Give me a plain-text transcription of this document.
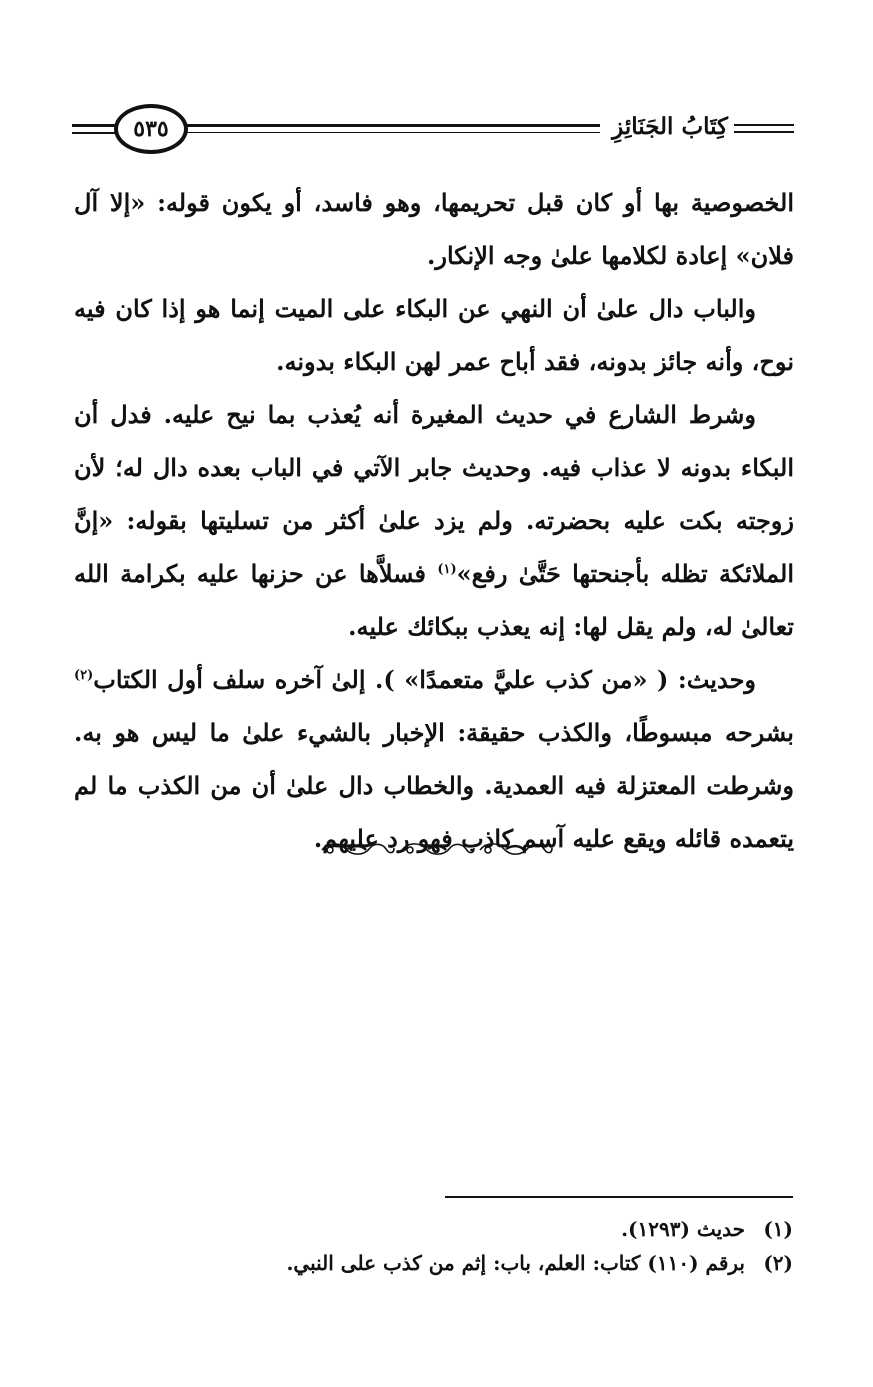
كِتَابُ الجَنَائِزِ
٥٣٥

الخصوصية بها أو كان قبل تحريمها، وهو فاسد، أو يكون قوله: «إلا آل فلان» إعادة لكلامها علىٰ وجه الإنكار.

والباب دال علىٰ أن النهي عن البكاء على الميت إنما هو إذا كان فيه نوح، وأنه جائز بدونه، فقد أباح عمر لهن البكاء بدونه.

وشرط الشارع في حديث المغيرة أنه يُعذب بما نيح عليه. فدل أن البكاء بدونه لا عذاب فيه. وحديث جابر الآتي في الباب بعده دال له؛ لأن زوجته بكت عليه بحضرته. ولم يزد علىٰ أكثر من تسليتها بقوله: «إنَّ الملائكة تظله بأجنحتها حَتَّىٰ رفع»$^{(١)}$ فسلاَّها عن حزنها عليه بكرامة الله تعالىٰ له، ولم يقل لها: إنه يعذب ببكائك عليه.

وحديث: ( «من كذب عليَّ متعمدًا» ). إلىٰ آخره سلف أول الكتاب$^{(٢)}$ بشرحه مبسوطًا، والكذب حقيقة: الإخبار بالشيء علىٰ ما ليس هو به. وشرطت المعتزلة فيه العمدية. والخطاب دال علىٰ أن من الكذب ما لم يتعمده قائله ويقع عليه آسم كاذب فهو رد عليهم.

(١)
حديث (١٢٩٣).
(٢)
برقم (١١٠) كتاب: العلم، باب: إثم من كذب على النبي.
